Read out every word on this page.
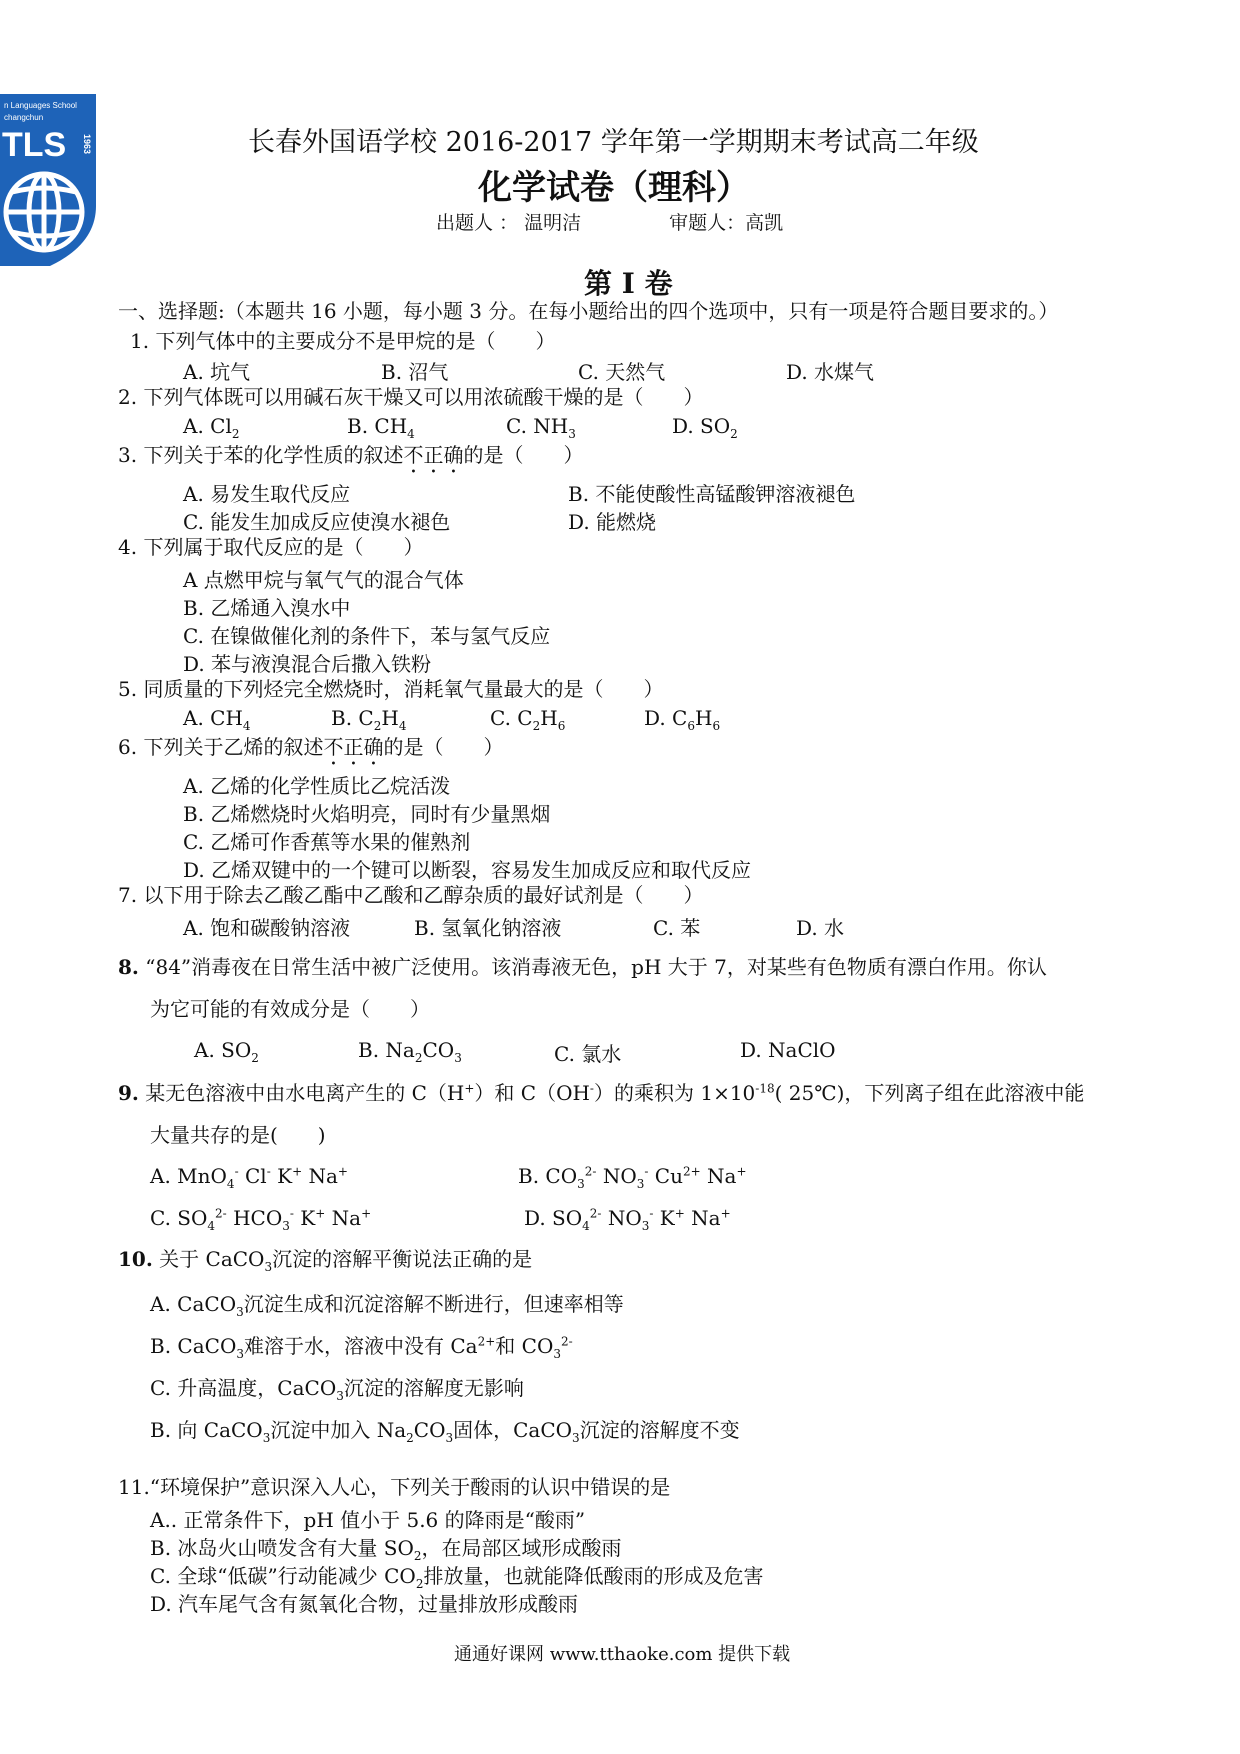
n Languages School
changchun
TLS 1963	长春外国语学校 2016-2017 学年第一学期期末考试高二年级
化学试卷（理科）
出题人 ： 温明洁	审题人：高凯
第 I 卷
一、选择题:（本题共 16 小题，每小题 3 分。在每小题给出的四个选项中，只有一项是符合题目要求的。）
1. 下列气体中的主要成分不是甲烷的是（　　）
A. 坑气	B. 沼气	C. 天然气	D. 水煤气
2. 下列气体既可以用碱石灰干燥又可以用浓硫酸干燥的是（　　）
A. $Cl_2$	B. $CH_4$	C. $NH_3$	D. $SO_2$
3. 下列关于苯的化学性质的叙述不正确的是（　　）
A. 易发生取代反应	B. 不能使酸性高锰酸钾溶液褪色
C. 能发生加成反应使溴水褪色	D. 能燃烧
4. 下列属于取代反应的是（　　）
A 点燃甲烷与氧气气的混合气体
B. 乙烯通入溴水中
C. 在镍做催化剂的条件下，苯与氢气反应
D. 苯与液溴混合后撒入铁粉
5. 同质量的下列烃完全燃烧时，消耗氧气量最大的是（　　）
A. $CH_4$	B. $C_2H_4$	C. $C_2H_6$	D. $C_6H_6$
6. 下列关于乙烯的叙述不正确的是（　　）
A. 乙烯的化学性质比乙烷活泼
B. 乙烯燃烧时火焰明亮，同时有少量黑烟
C. 乙烯可作香蕉等水果的催熟剂
D. 乙烯双键中的一个键可以断裂，容易发生加成反应和取代反应
7. 以下用于除去乙酸乙酯中乙酸和乙醇杂质的最好试剂是（　　）
A. 饱和碳酸钠溶液	B. 氢氧化钠溶液	C. 苯	D. 水
8. “84”消毒夜在日常生活中被广泛使用。该消毒液无色，pH 大于 7，对某些有色物质有漂白作用。你认
为它可能的有效成分是（　　）
A. $SO_2$	B. $Na_2CO_3$	C. 氯水	D. NaClO
9. 某无色溶液中由水电离产生的 C（H+）和 C（OH-）的乘积为 $1\times 10^{-18}$( 25℃)，下列离子组在此溶液中能
大量共存的是(　　)
A. MnO$_4$- Cl- K+ Na+	B. $CO_3^{2-}$ $NO_3^-$ $Cu^{2+}$ Na+
C. $SO_4^{2-}$ $HCO_3^-$ K+ Na+	D. $SO_4^{2-}$ $NO_3^-$ K+ Na+
10. 关于 CaCO$_3$沉淀的溶解平衡说法正确的是
A. CaCO$_3$沉淀生成和沉淀溶解不断进行，但速率相等
B. CaCO$_3$难溶于水，溶液中没有 $Ca^{2+}$和 $CO_3^{2-}$
C. 升高温度，CaCO$_3$沉淀的溶解度无影响
B. 向 CaCO$_3$沉淀中加入 $Na_2CO_3$固体，CaCO$_3$沉淀的溶解度不变
11.“环境保护”意识深入人心，下列关于酸雨的认识中错误的是
A.. 正常条件下，pH 值小于 5.6 的降雨是“酸雨”
B. 冰岛火山喷发含有大量 $SO_2$，在局部区域形成酸雨
C. 全球“低碳”行动能减少 $CO_2$排放量，也就能降低酸雨的形成及危害
D. 汽车尾气含有氮氧化合物，过量排放形成酸雨
通通好课网 www.tthaoke.com 提供下载
